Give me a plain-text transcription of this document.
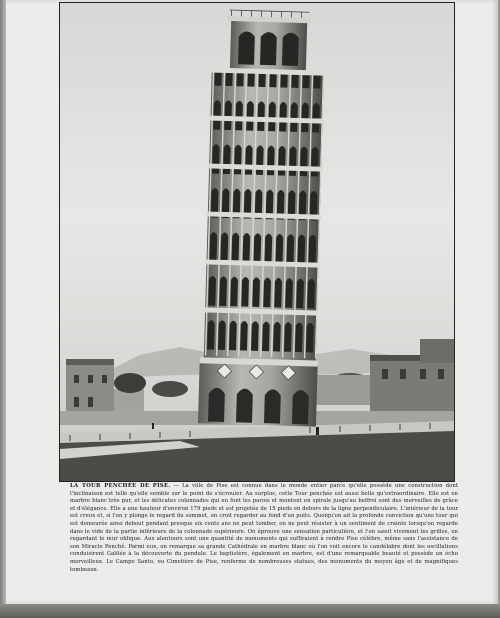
LA TOUR PENCHÉE DE PISE. — La ville de Pise est connue dans le monde entier parce qu'elle possède une construction dont l'inclinaison est telle qu'elle semble sur le point de s'écrouler. Au surplus, cette Tour penchée est aussi belle qu'extraordinaire. Elle est en marbre blanc très pur, et les délicates colonnades qui en font les parois et montent en spirale jusqu'au beffroi sont des merveilles de grâce et d'élégance. Elle a une hauteur d'environ 179 pieds et est projetée de 15 pieds en dehors de la ligne perpendiculaire. L'intérieur de la tour est creux et, si l'on y plonge le regard du sommet, on croit regarder au fond d'un puits. Quoiqu'on ait la profonde conviction qu'une tour qui est demeurée ainsi debout pendant presque six cents ans ne peut tomber, on ne peut résister à un sentiment de crainte lorsqu'on regarde dans le vide de la partie inférieure de la colonnade supérieure. On éprouve une sensation particulière, et l'on saisit vivement les grilles, en regardant le mur oblique. Aux alentours sont une quantité de monuments qui suffiraient à rendre Pise célèbre, même sans l'assistance de son Miracle Penché. Parmi eux, on remarque sa grande Cathédrale en marbre blanc où l'on voit encore le candélabre dont les oscillations conduisirent Galilée à la découverte du pendule. Le baptistère, également en marbre, est d'une remarquable beauté et possède un écho merveilleux. Le Campo Santo, ou Cimetière de Pise, renferme de nombreuses statues, des monuments du moyen âge et de magnifiques tombeaux.
